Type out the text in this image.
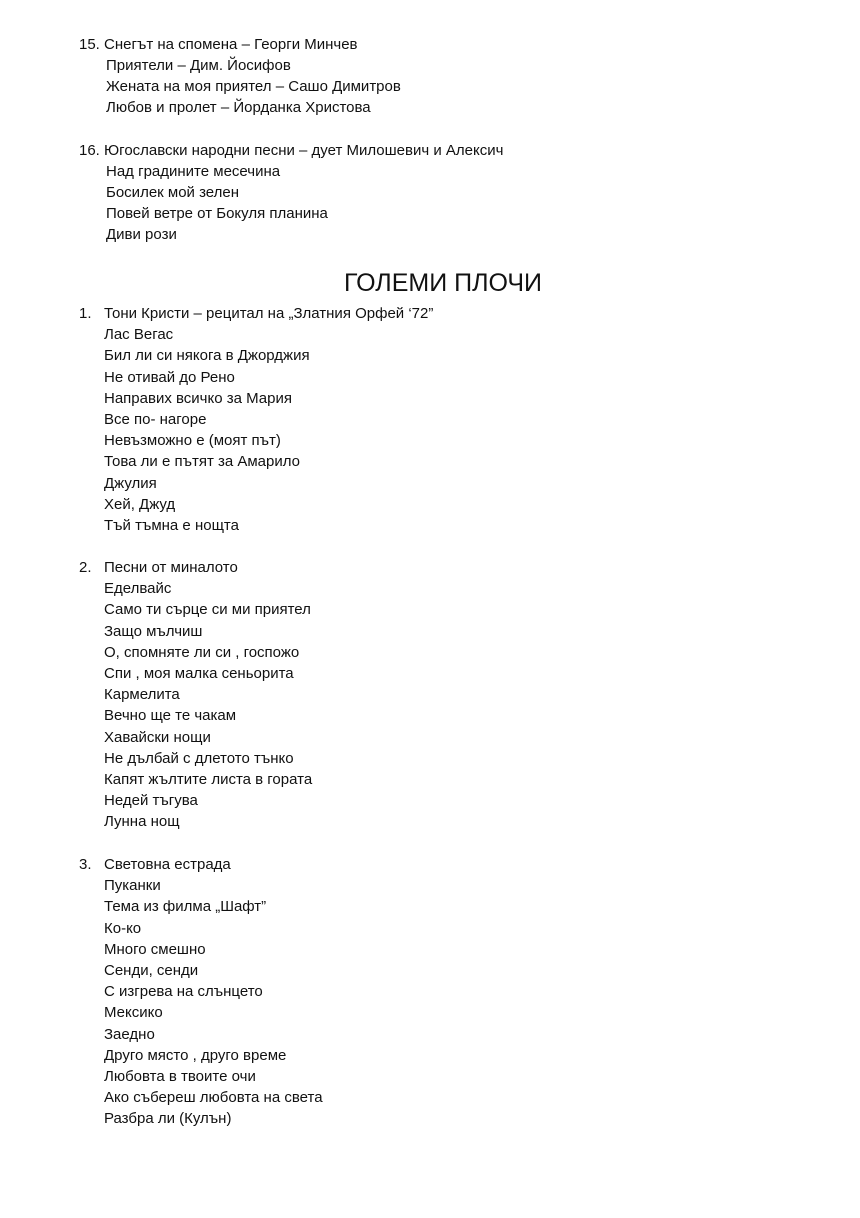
15. Снегът на спомена – Георги Минчев
Приятели – Дим. Йосифов
Жената на моя приятел – Сашо Димитров
Любов и пролет – Йорданка Христова
16. Югославски народни песни – дует Милошевич и Алексич
Над градините месечина
Босилек мой зелен
Повей ветре от Бокуля планина
Диви рози
ГОЛЕМИ ПЛОЧИ
1. Тони Кристи – рецитал на „Златния Орфей ‘72”
Лас Вегас
Бил ли си някога в Джорджия
Не отивай до Рено
Направих всичко за Мария
Все по- нагоре
Невъзможно е (моят път)
Това ли е пътят за Амарило
Джулия
Хей, Джуд
Тъй тъмна е нощта
2. Песни от миналото
Еделвайс
Само ти сърце си ми приятел
Защо мълчиш
О, спомняте ли си , госпожо
Спи , моя малка сеньорита
Кармелита
Вечно ще те чакам
Хавайски нощи
Не дълбай с длетото тънко
Капят жълтите листа в гората
Недей тъгува
Лунна нощ
3. Световна естрада
Пуканки
Тема из филма „Шафт”
Ко-ко
Много смешно
Сенди, сенди
С изгрева на слънцето
Мексико
Заедно
Друго място , друго време
Любовта в твоите очи
Ако събереш любовта на света
Разбра ли (Кулън)
